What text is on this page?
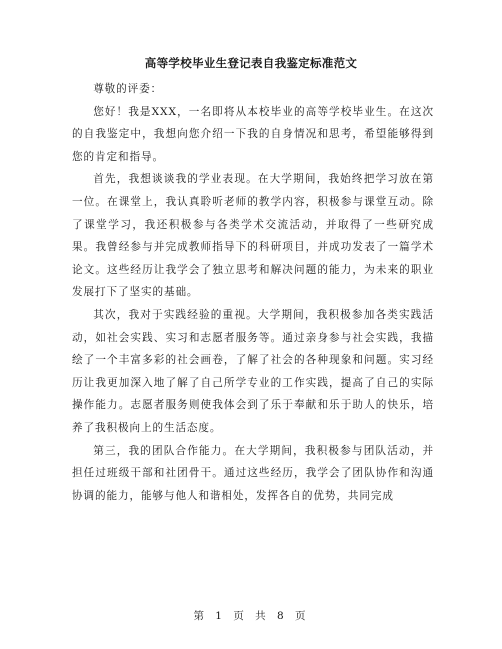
高等学校毕业生登记表自我鉴定标准范文

尊敬的评委：

您好！我是XXX，一名即将从本校毕业的高等学校毕业生。在这次的自我鉴定中，我想向您介绍一下我的自身情况和思考，希望能够得到您的肯定和指导。

首先，我想谈谈我的学业表现。在大学期间，我始终把学习放在第一位。在课堂上，我认真聆听老师的教学内容，积极参与课堂互动。除了课堂学习，我还积极参与各类学术交流活动，并取得了一些研究成果。我曾经参与并完成教师指导下的科研项目，并成功发表了一篇学术论文。这些经历让我学会了独立思考和解决问题的能力，为未来的职业发展打下了坚实的基础。

其次，我对于实践经验的重视。大学期间，我积极参加各类实践活动，如社会实践、实习和志愿者服务等。通过亲身参与社会实践，我描绘了一个丰富多彩的社会画卷，了解了社会的各种现象和问题。实习经历让我更加深入地了解了自己所学专业的工作实践，提高了自己的实际操作能力。志愿者服务则使我体会到了乐于奉献和乐于助人的快乐，培养了我积极向上的生活态度。

第三，我的团队合作能力。在大学期间，我积极参与团队活动，并担任过班级干部和社团骨干。通过这些经历，我学会了团队协作和沟通协调的能力，能够与他人和谐相处，发挥各自的优势，共同完成

第 1 页 共 8 页
